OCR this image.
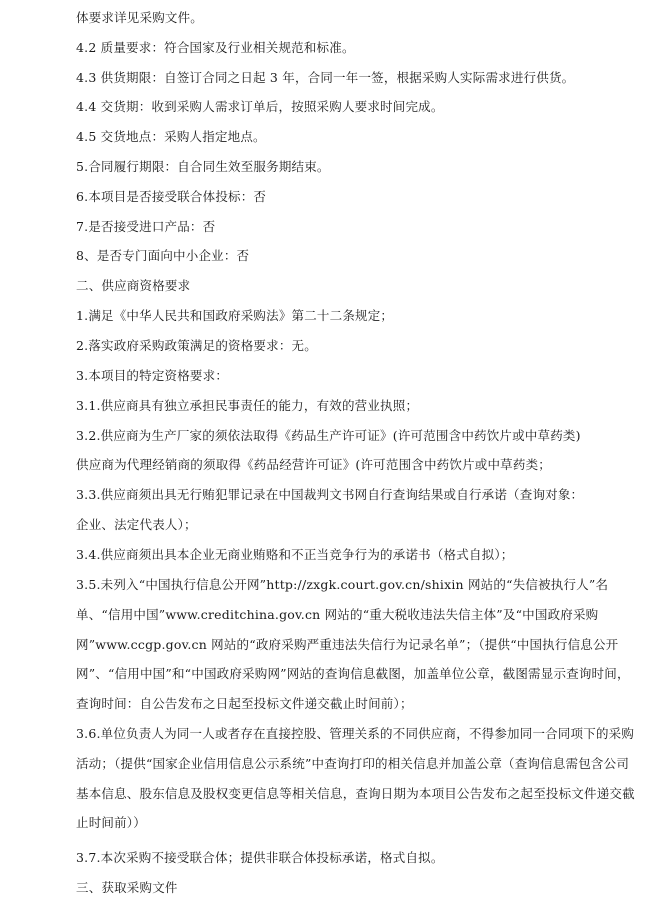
体要求详见采购文件。
4.2 质量要求：符合国家及行业相关规范和标准。
4.3 供货期限：自签订合同之日起 3 年，合同一年一签，根据采购人实际需求进行供货。
4.4 交货期：收到采购人需求订单后，按照采购人要求时间完成。
4.5 交货地点：采购人指定地点。
5.合同履行期限：自合同生效至服务期结束。
6.本项目是否接受联合体投标：否
7.是否接受进口产品：否
8、是否专门面向中小企业：否
二、供应商资格要求
1.满足《中华人民共和国政府采购法》第二十二条规定；
2.落实政府采购政策满足的资格要求：无。
3.本项目的特定资格要求：
3.1.供应商具有独立承担民事责任的能力，有效的营业执照；
3.2.供应商为生产厂家的须依法取得《药品生产许可证》(许可范围含中药饮片或中草药类)
供应商为代理经销商的须取得《药品经营许可证》(许可范围含中药饮片或中草药类；
3.3.供应商须出具无行贿犯罪记录在中国裁判文书网自行查询结果或自行承诺（查询对象：
企业、法定代表人）；
3.4.供应商须出具本企业无商业贿赂和不正当竞争行为的承诺书（格式自拟）；
3.5.未列入“中国执行信息公开网”http://zxgk.court.gov.cn/shixin 网站的“失信被执行人”名单、“信用中国”www.creditchina.gov.cn 网站的“重大税收违法失信主体”及“中国政府采购网”www.ccgp.gov.cn 网站的“政府采购严重违法失信行为记录名单”；（提供“中国执行信息公开网”、“信用中国”和“中国政府采购网”网站的查询信息截图，加盖单位公章，截图需显示查询时间，查询时间：自公告发布之日起至投标文件递交截止时间前）；
3.6.单位负责人为同一人或者存在直接控股、管理关系的不同供应商，不得参加同一合同项下的采购活动；（提供“国家企业信用信息公示系统”中查询打印的相关信息并加盖公章（查询信息需包含公司基本信息、股东信息及股权变更信息等相关信息，查询日期为本项目公告发布之起至投标文件递交截止时间前））
3.7.本次采购不接受联合体；提供非联合体投标承诺，格式自拟。
三、获取采购文件
